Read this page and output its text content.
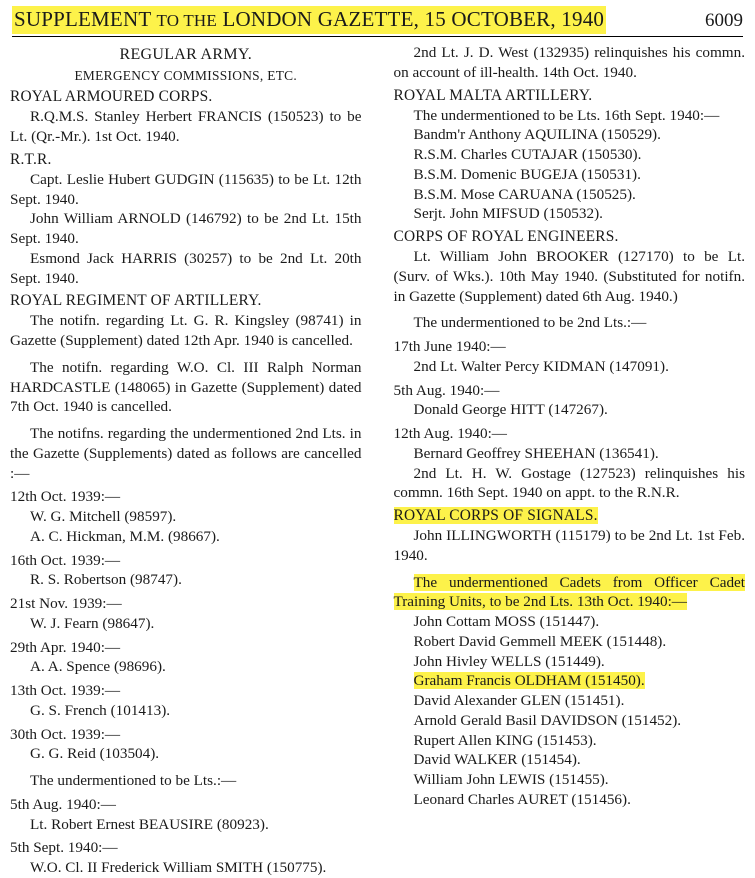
SUPPLEMENT TO THE LONDON GAZETTE, 15 OCTOBER, 1940	6009
REGULAR ARMY.
EMERGENCY COMMISSIONS, ETC.
ROYAL ARMOURED CORPS.

R.Q.M.S. Stanley Herbert FRANCIS (150523) to be Lt. (Qr.-Mr.). 1st Oct. 1940.

R.T.R.

Capt. Leslie Hubert GUDGIN (115635) to be Lt. 12th Sept. 1940.

John William ARNOLD (146792) to be 2nd Lt. 15th Sept. 1940.

Esmond Jack HARRIS (30257) to be 2nd Lt. 20th Sept. 1940.

ROYAL REGIMENT OF ARTILLERY.

The notifn. regarding Lt. G. R. Kingsley (98741) in Gazette (Supplement) dated 12th Apr. 1940 is cancelled.

The notifn. regarding W.O. Cl. III Ralph Norman HARDCASTLE (148065) in Gazette (Supplement) dated 7th Oct. 1940 is cancelled.

The notifns. regarding the undermentioned 2nd Lts. in the Gazette (Supplements) dated as follows are cancelled :—

12th Oct. 1939:—

W. G. Mitchell (98597).

A. C. Hickman, M.M. (98667).

16th Oct. 1939:—

R. S. Robertson (98747).

21st Nov. 1939:—

W. J. Fearn (98647).

29th Apr. 1940:—

A. A. Spence (98696).

13th Oct. 1939:—

G. S. French (101413).

30th Oct. 1939:—

G. G. Reid (103504).

The undermentioned to be Lts.:—

5th Aug. 1940:—

Lt. Robert Ernest BEAUSIRE (80923).

5th Sept. 1940:—

W.O. Cl. II Frederick William SMITH (150775).

2nd Lt. J. D. West (132935) relinquishes his commn. on account of ill-health. 14th Oct. 1940.

ROYAL MALTA ARTILLERY.

The undermentioned to be Lts. 16th Sept. 1940:—

Bandm'r Anthony AQUILINA (150529).

R.S.M. Charles CUTAJAR (150530).

B.S.M. Domenic BUGEJA (150531).

B.S.M. Mose CARUANA (150525).

Serjt. John MIFSUD (150532).

CORPS OF ROYAL ENGINEERS.

Lt. William John BROOKER (127170) to be Lt. (Surv. of Wks.). 10th May 1940. (Substituted for notifn. in Gazette (Supplement) dated 6th Aug. 1940.)

The undermentioned to be 2nd Lts.:—

17th June 1940:—

2nd Lt. Walter Percy KIDMAN (147091).

5th Aug. 1940:—

Donald George HITT (147267).

12th Aug. 1940:—

Bernard Geoffrey SHEEHAN (136541).

2nd Lt. H. W. Gostage (127523) relinquishes his commn. 16th Sept. 1940 on appt. to the R.N.R.

ROYAL CORPS OF SIGNALS.

John ILLINGWORTH (115179) to be 2nd Lt. 1st Feb. 1940.

The undermentioned Cadets from Officer Cadet Training Units, to be 2nd Lts. 13th Oct. 1940:—

John Cottam MOSS (151447).

Robert David Gemmell MEEK (151448).

John Hivley WELLS (151449).

Graham Francis OLDHAM (151450).

David Alexander GLEN (151451).

Arnold Gerald Basil DAVIDSON (151452).

Rupert Allen KING (151453).

David WALKER (151454).

William John LEWIS (151455).

Leonard Charles AURET (151456).
